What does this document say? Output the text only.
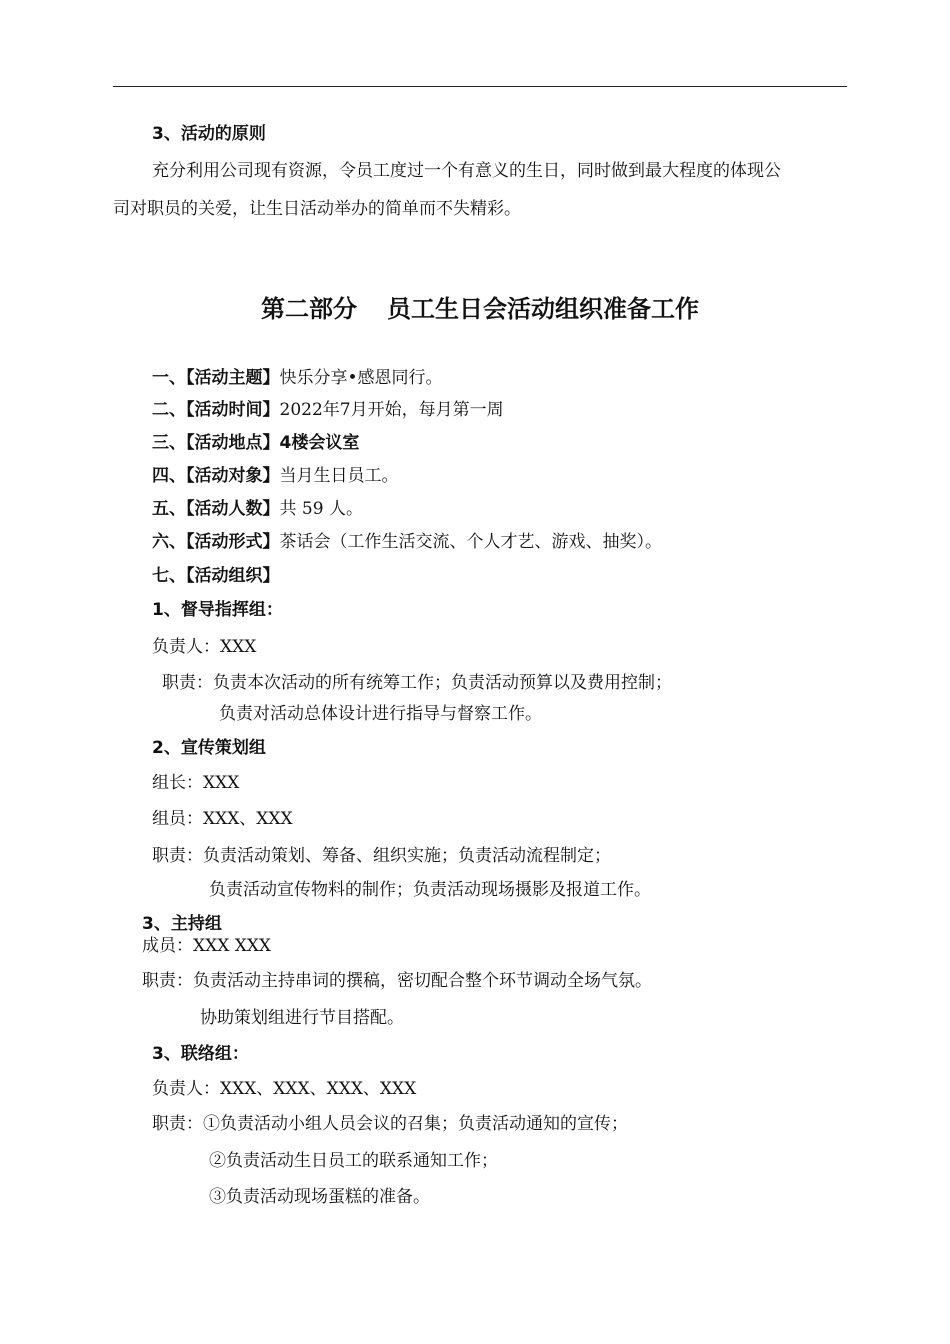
3、活动的原则
充分利用公司现有资源，令员工度过一个有意义的生日，同时做到最大程度的体现公
司对职员的关爱，让生日活动举办的简单而不失精彩。
第二部分 员工生日会活动组织准备工作
一、【活动主题】快乐分享•感恩同行。
二、【活动时间】2022年7月开始，每月第一周
三、【活动地点】4楼会议室
四、【活动对象】当月生日员工。
五、【活动人数】共 59 人。
六、【活动形式】茶话会（工作生活交流、个人才艺、游戏、抽奖）。
七、【活动组织】
1、督导指挥组：
负责人：XXX
职责：负责本次活动的所有统筹工作；负责活动预算以及费用控制；
负责对活动总体设计进行指导与督察工作。
2、宣传策划组
组长：XXX
组员：XXX、XXX
职责：负责活动策划、筹备、组织实施；负责活动流程制定；
负责活动宣传物料的制作；负责活动现场摄影及报道工作。
3、主持组
成员：XXX XXX
职责：负责活动主持串词的撰稿，密切配合整个环节调动全场气氛。
协助策划组进行节目搭配。
3、联络组：
负责人：XXX、XXX、XXX、XXX
职责：①负责活动小组人员会议的召集；负责活动通知的宣传；
②负责活动生日员工的联系通知工作；
③负责活动现场蛋糕的准备。
